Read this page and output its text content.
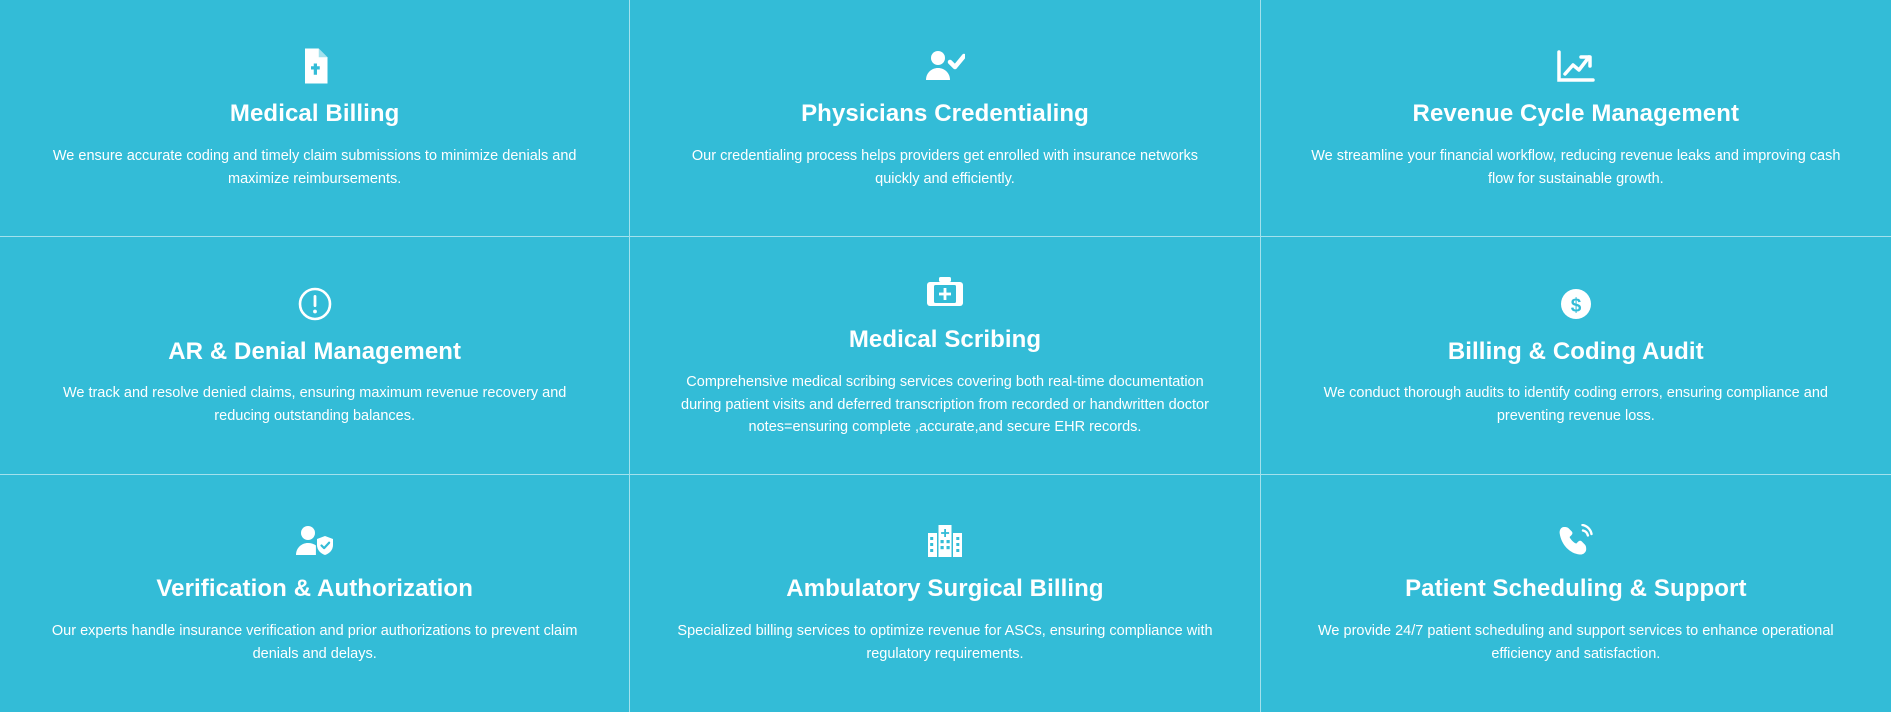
Medical Billing

We ensure accurate coding and timely claim submissions to minimize denials and maximize reimbursements.

Physicians Credentialing

Our credentialing process helps providers get enrolled with insurance networks quickly and efficiently.

Revenue Cycle Management

We streamline your financial workflow, reducing revenue leaks and improving cash flow for sustainable growth.

AR & Denial Management

We track and resolve denied claims, ensuring maximum revenue recovery and reducing outstanding balances.

Medical Scribing

Comprehensive medical scribing services covering both real-time documentation during patient visits and deferred transcription from recorded or handwritten doctor notes=ensuring complete ,accurate,and secure EHR records.

$
Billing & Coding Audit

We conduct thorough audits to identify coding errors, ensuring compliance and preventing revenue loss.

Verification & Authorization

Our experts handle insurance verification and prior authorizations to prevent claim denials and delays.

Ambulatory Surgical Billing

Specialized billing services to optimize revenue for ASCs, ensuring compliance with regulatory requirements.

Patient Scheduling & Support

We provide 24/7 patient scheduling and support services to enhance operational efficiency and satisfaction.
